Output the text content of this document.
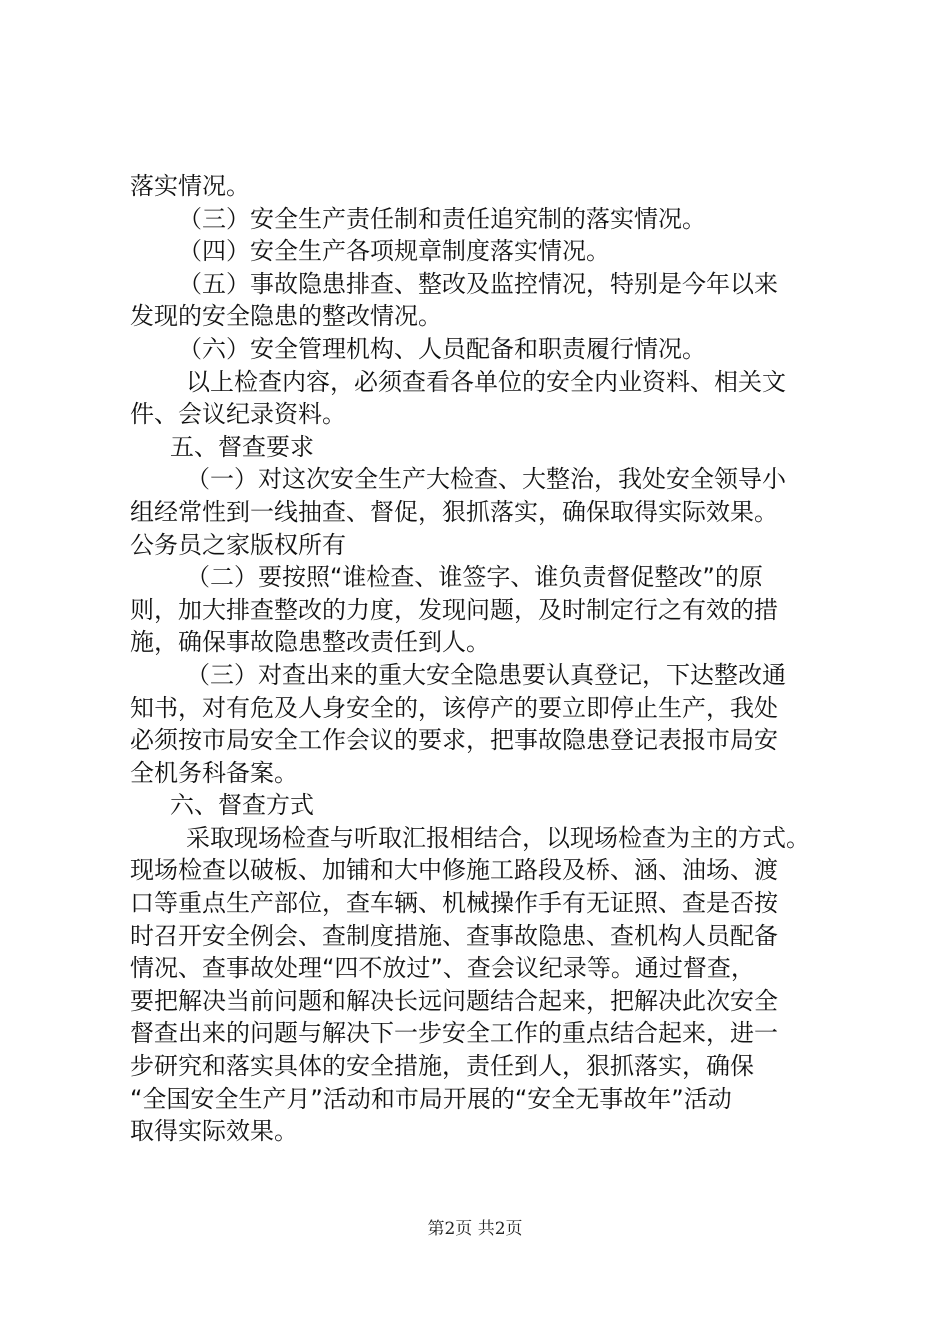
落实情况。
（三）安全生产责任制和责任追究制的落实情况。
（四）安全生产各项规章制度落实情况。
（五）事故隐患排查、整改及监控情况，特别是今年以来
发现的安全隐患的整改情况。
（六）安全管理机构、人员配备和职责履行情况。
以上检查内容，必须查看各单位的安全内业资料、相关文
件、会议纪录资料。
五、督查要求
（一）对这次安全生产大检查、大整治，我处安全领导小
组经常性到一线抽查、督促，狠抓落实，确保取得实际效果。
公务员之家版权所有
（二）要按照“谁检查、谁签字、谁负责督促整改”的原
则，加大排查整改的力度，发现问题，及时制定行之有效的措
施，确保事故隐患整改责任到人。
（三）对查出来的重大安全隐患要认真登记，下达整改通
知书，对有危及人身安全的，该停产的要立即停止生产，我处
必须按市局安全工作会议的要求，把事故隐患登记表报市局安
全机务科备案。
六、督查方式
采取现场检查与听取汇报相结合，以现场检查为主的方式。
现场检查以破板、加铺和大中修施工路段及桥、涵、油场、渡
口等重点生产部位，查车辆、机械操作手有无证照、查是否按
时召开安全例会、查制度措施、查事故隐患、查机构人员配备
情况、查事故处理“四不放过”、查会议纪录等。通过督查，
要把解决当前问题和解决长远问题结合起来，把解决此次安全
督查出来的问题与解决下一步安全工作的重点结合起来，进一
步研究和落实具体的安全措施，责任到人，狠抓落实，确保
“全国安全生产月”活动和市局开展的“安全无事故年”活动
取得实际效果。
第2页 共2页
